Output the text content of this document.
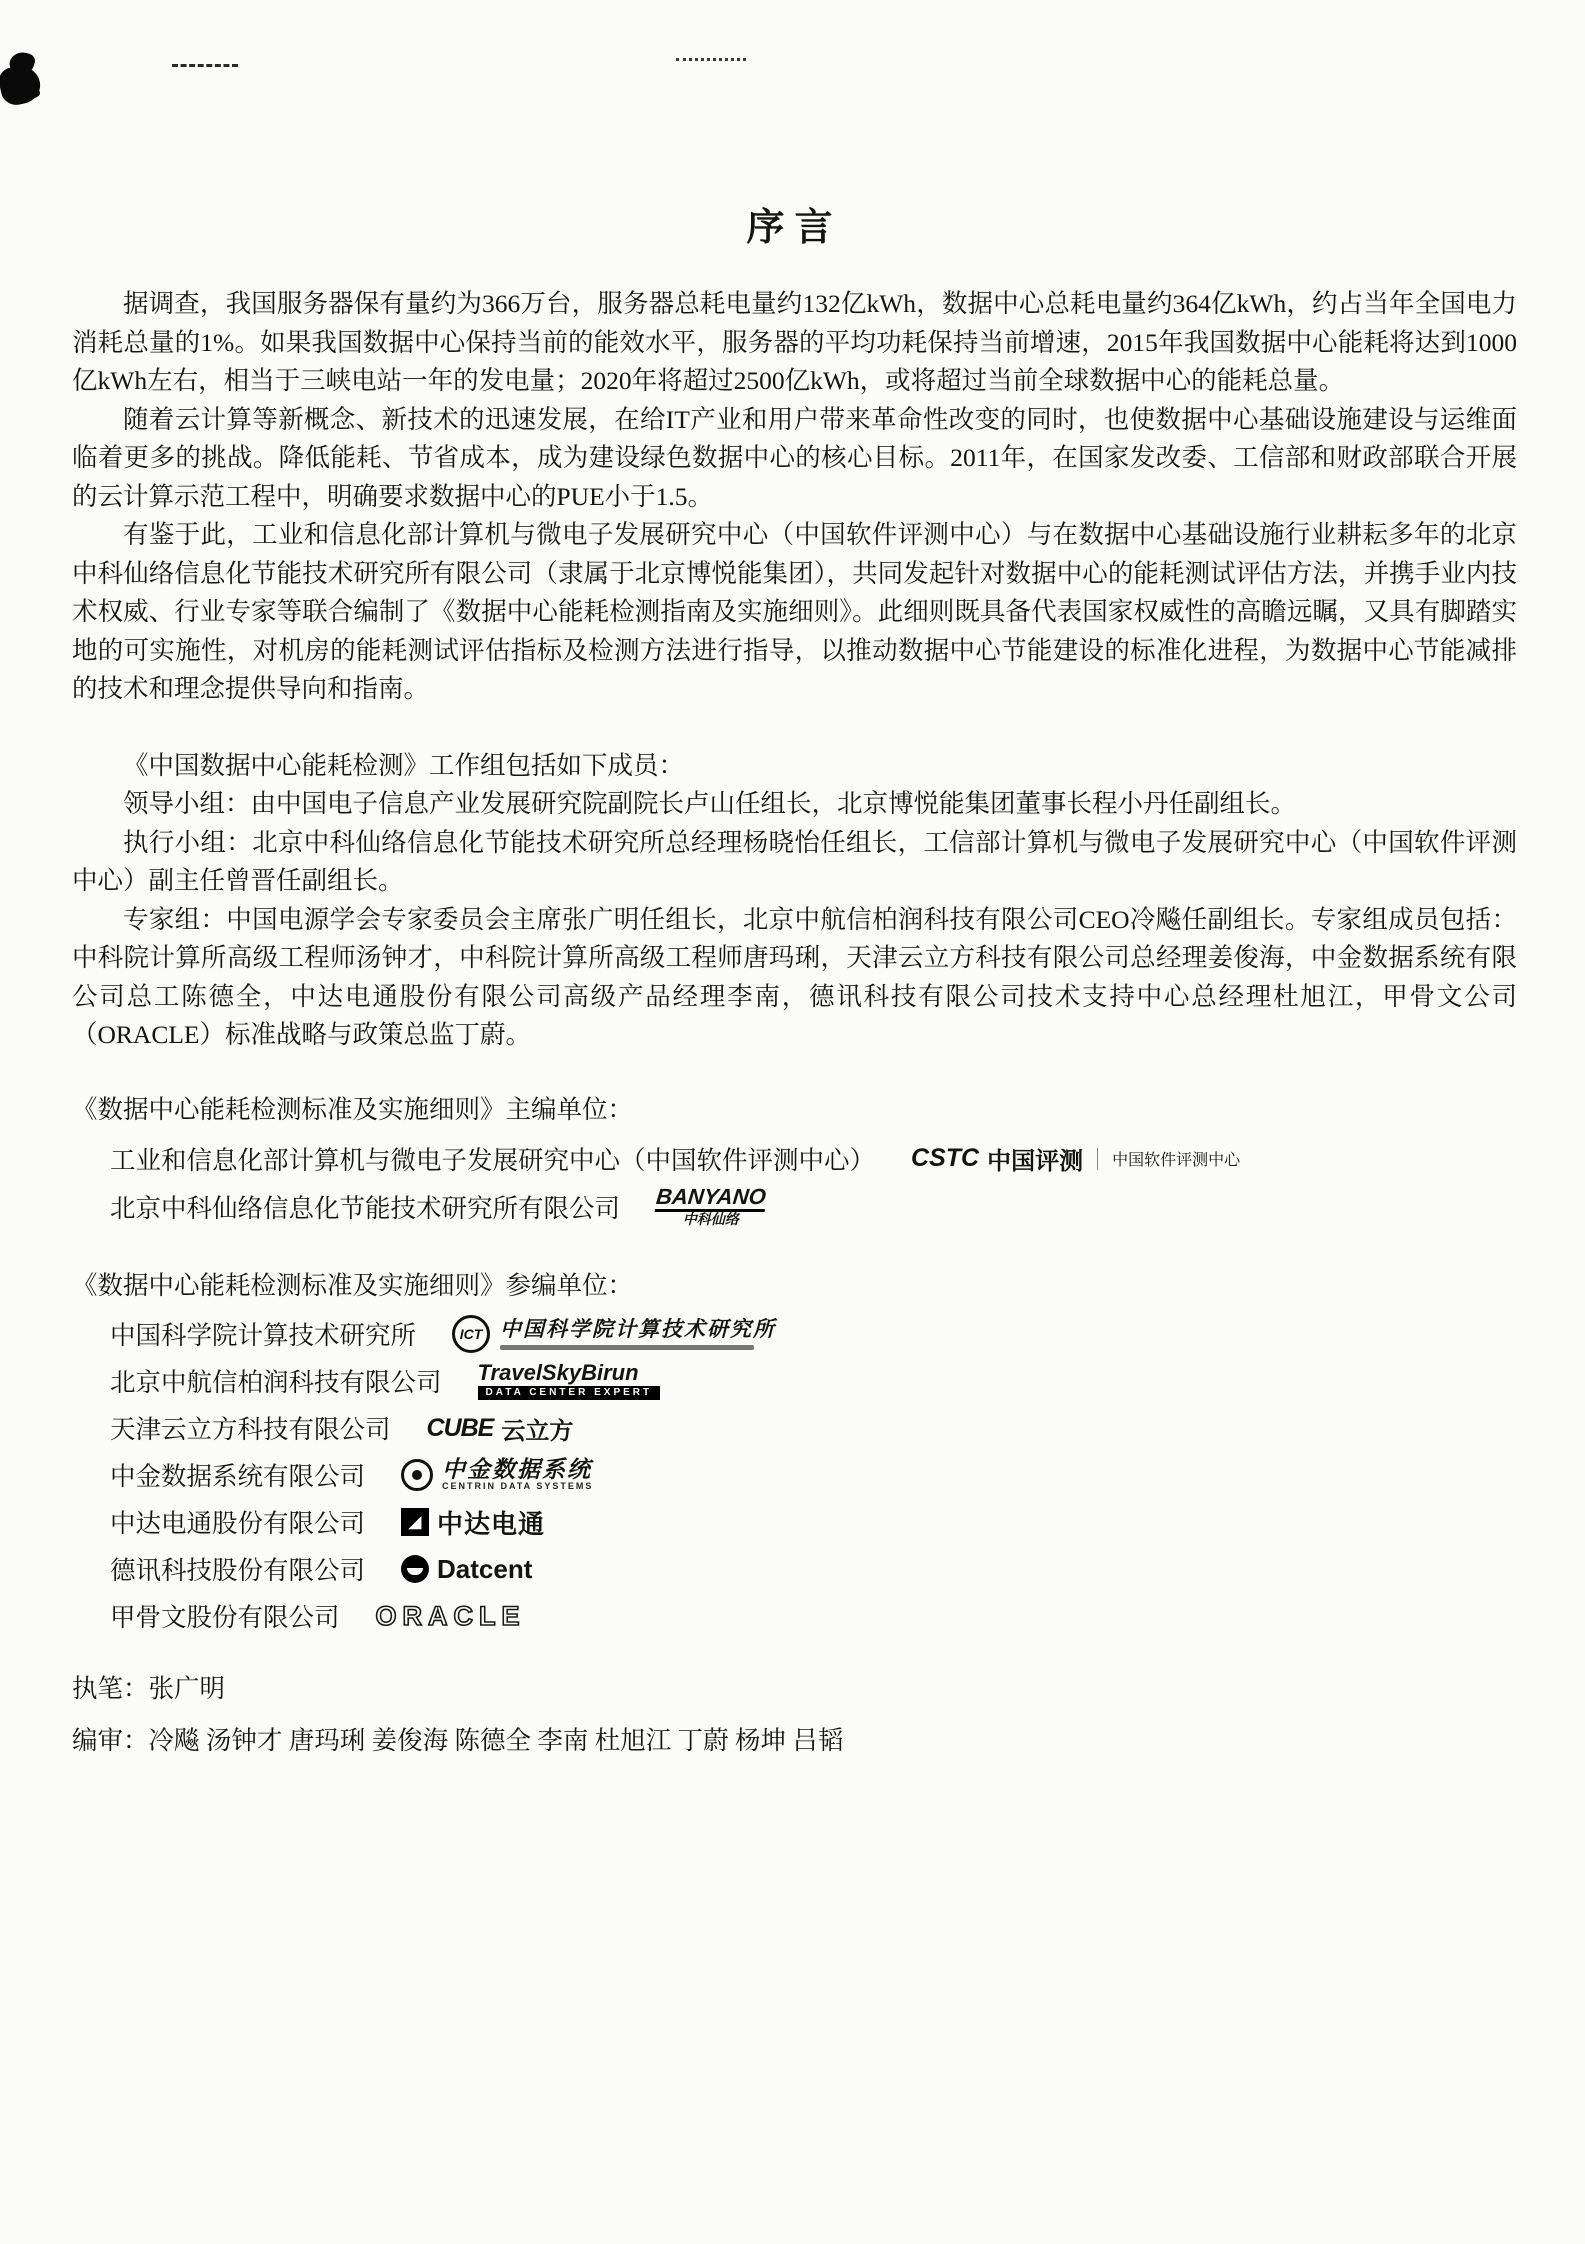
序言

据调查，我国服务器保有量约为366万台，服务器总耗电量约132亿kWh，数据中心总耗电量约364亿kWh，约占当年全国电力消耗总量的1%。如果我国数据中心保持当前的能效水平，服务器的平均功耗保持当前增速，2015年我国数据中心能耗将达到1000亿kWh左右，相当于三峡电站一年的发电量；2020年将超过2500亿kWh，或将超过当前全球数据中心的能耗总量。

随着云计算等新概念、新技术的迅速发展，在给IT产业和用户带来革命性改变的同时，也使数据中心基础设施建设与运维面临着更多的挑战。降低能耗、节省成本，成为建设绿色数据中心的核心目标。2011年，在国家发改委、工信部和财政部联合开展的云计算示范工程中，明确要求数据中心的PUE小于1.5。

有鉴于此，工业和信息化部计算机与微电子发展研究中心（中国软件评测中心）与在数据中心基础设施行业耕耘多年的北京中科仙络信息化节能技术研究所有限公司（隶属于北京博悦能集团），共同发起针对数据中心的能耗测试评估方法，并携手业内技术权威、行业专家等联合编制了《数据中心能耗检测指南及实施细则》。此细则既具备代表国家权威性的高瞻远瞩，又具有脚踏实地的可实施性，对机房的能耗测试评估指标及检测方法进行指导，以推动数据中心节能建设的标准化进程，为数据中心节能减排的技术和理念提供导向和指南。

《中国数据中心能耗检测》工作组包括如下成员：

领导小组：由中国电子信息产业发展研究院副院长卢山任组长，北京博悦能集团董事长程小丹任副组长。

执行小组：北京中科仙络信息化节能技术研究所总经理杨晓怡任组长，工信部计算机与微电子发展研究中心（中国软件评测中心）副主任曾晋任副组长。

专家组：中国电源学会专家委员会主席张广明任组长，北京中航信柏润科技有限公司CEO冷飚任副组长。专家组成员包括：中科院计算所高级工程师汤钟才，中科院计算所高级工程师唐玛琍，天津云立方科技有限公司总经理姜俊海，中金数据系统有限公司总工陈德全，中达电通股份有限公司高级产品经理李南，德讯科技有限公司技术支持中心总经理杜旭江，甲骨文公司（ORACLE）标准战略与政策总监丁蔚。

《数据中心能耗检测标准及实施细则》主编单位：

工业和信息化部计算机与微电子发展研究中心（中国软件评测中心） CSTC 中国评测 中国软件评测中心
北京中科仙络信息化节能技术研究所有限公司 BANYANO
中科仙络

《数据中心能耗检测标准及实施细则》参编单位：

中国科学院计算技术研究所	ICT 中国科学院计算技术研究所
北京中航信柏润科技有限公司 TravelSkyBirun
DATA CENTER EXPERT
天津云立方科技有限公司 CUBE 云立方
中金数据系统有限公司	中金数据系统
CENTRIN DATA SYSTEMS
中达电通股份有限公司	◢ 中达电通
德讯科技股份有限公司	Datcent
甲骨文股份有限公司 ORACLE

执笔：张广明

编审：冷飚 汤钟才 唐玛琍 姜俊海 陈德全 李南 杜旭江 丁蔚 杨坤 吕韬
